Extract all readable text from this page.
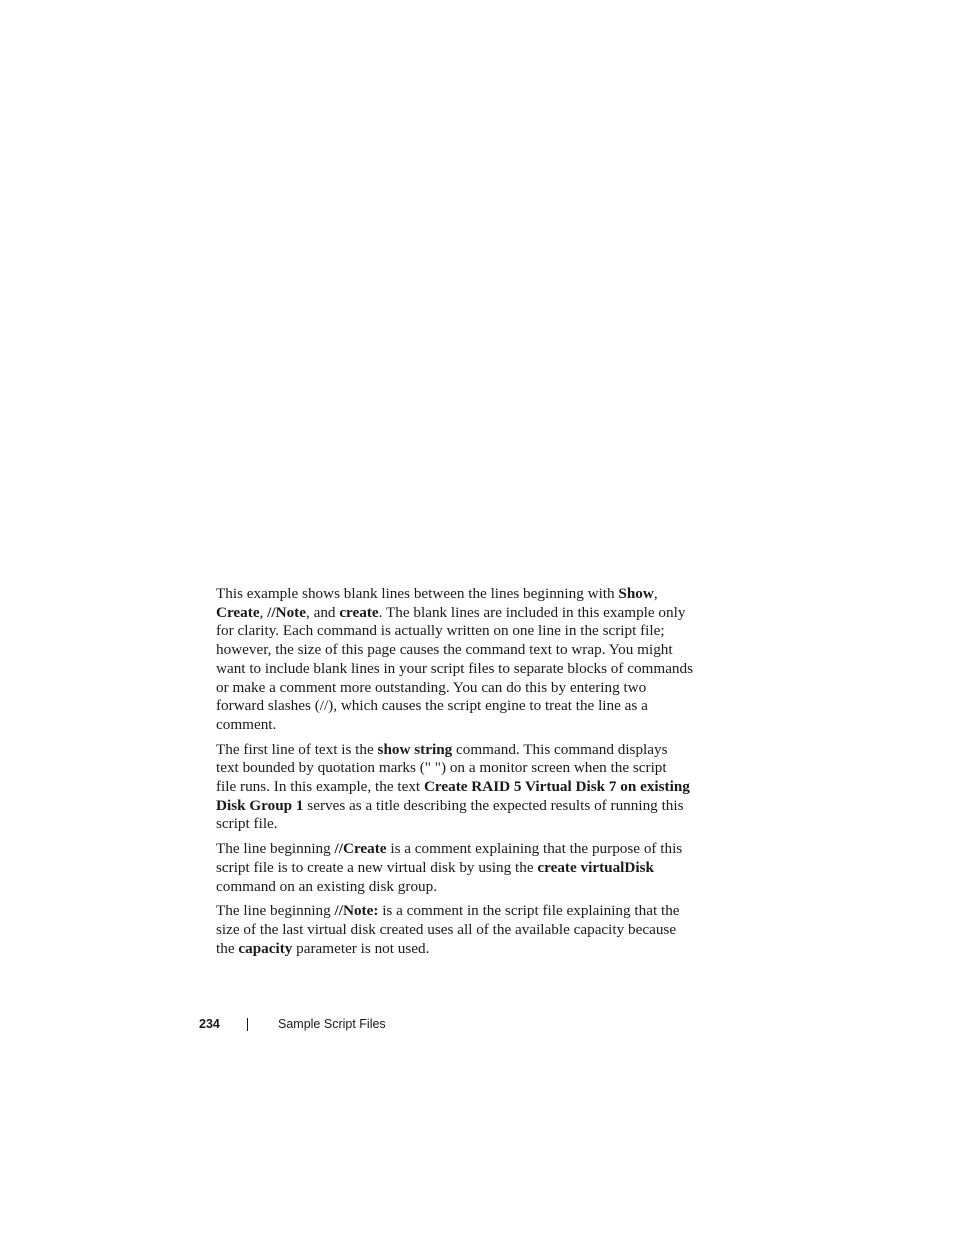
This example shows blank lines between the lines beginning with Show,
Create, //Note, and create. The blank lines are included in this example only
for clarity. Each command is actually written on one line in the script file;
however, the size of this page causes the command text to wrap. You might
want to include blank lines in your script files to separate blocks of commands
or make a comment more outstanding. You can do this by entering two
forward slashes (//), which causes the script engine to treat the line as a
comment.

The first line of text is the show string command. This command displays
text bounded by quotation marks (" ") on a monitor screen when the script
file runs. In this example, the text Create RAID 5 Virtual Disk 7 on existing
Disk Group 1 serves as a title describing the expected results of running this
script file.

The line beginning //Create is a comment explaining that the purpose of this
script file is to create a new virtual disk by using the create virtualDisk
command on an existing disk group.

The line beginning //Note: is a comment in the script file explaining that the
size of the last virtual disk created uses all of the available capacity because
the capacity parameter is not used.

234	Sample Script Files
